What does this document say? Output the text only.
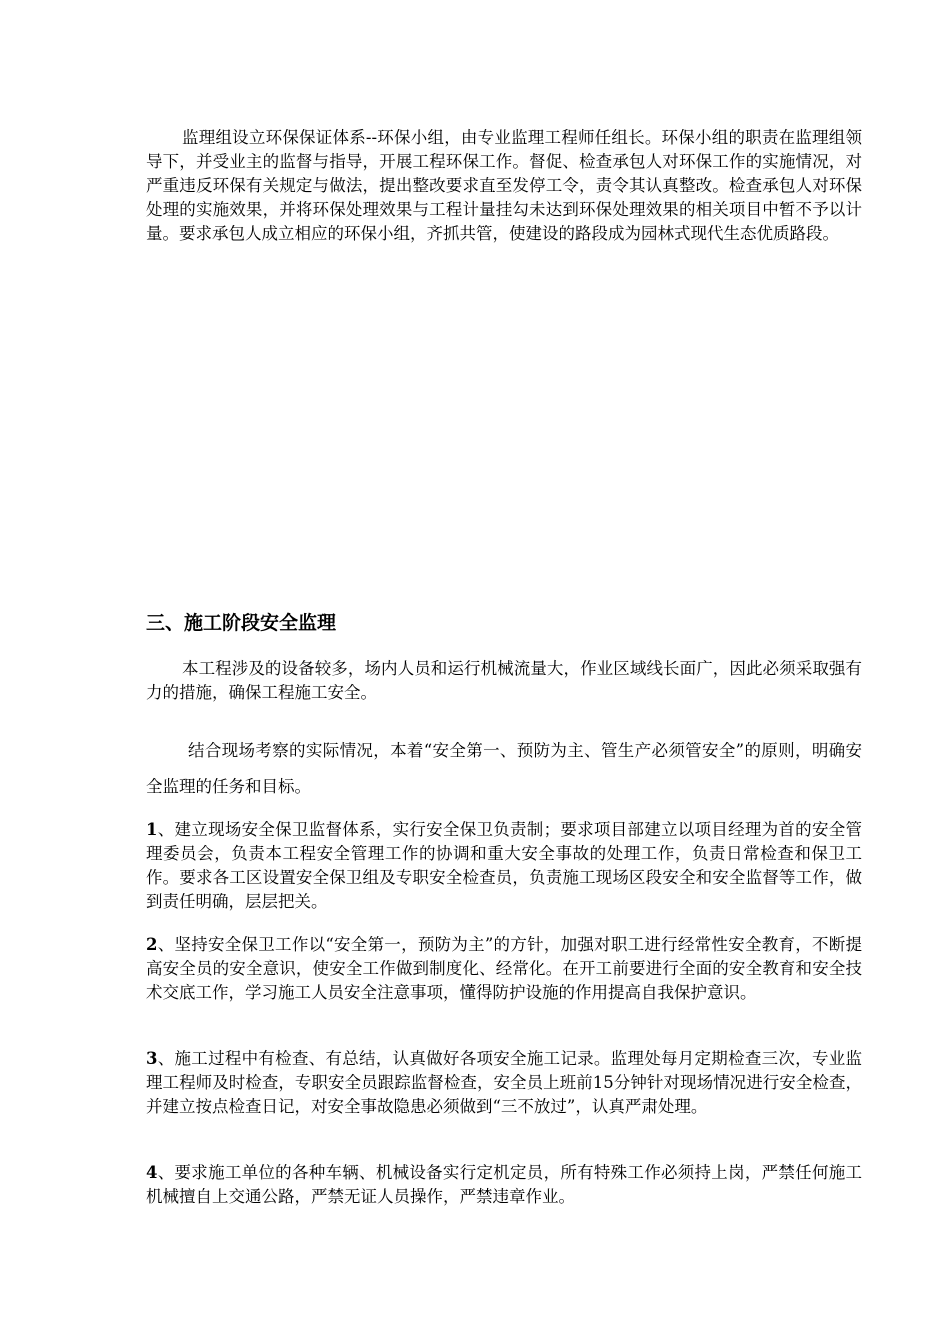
监理组设立环保保证体系--环保小组，由专业监理工程师任组长。环保小组的职责在监理组领导下，并受业主的监督与指导，开展工程环保工作。督促、检查承包人对环保工作的实施情况，对严重违反环保有关规定与做法，提出整改要求直至发停工令，责令其认真整改。检查承包人对环保处理的实施效果，并将环保处理效果与工程计量挂勾未达到环保处理效果的相关项目中暂不予以计量。要求承包人成立相应的环保小组，齐抓共管，使建设的路段成为园林式现代生态优质路段。

三、施工阶段安全监理

本工程涉及的设备较多，场内人员和运行机械流量大，作业区域线长面广，因此必须采取强有力的措施，确保工程施工安全。

结合现场考察的实际情况，本着“安全第一、预防为主、管生产必须管安全”的原则，明确安全监理的任务和目标。

1、建立现场安全保卫监督体系，实行安全保卫负责制；要求项目部建立以项目经理为首的安全管理委员会，负责本工程安全管理工作的协调和重大安全事故的处理工作，负责日常检查和保卫工作。要求各工区设置安全保卫组及专职安全检查员，负责施工现场区段安全和安全监督等工作，做到责任明确，层层把关。

2、坚持安全保卫工作以“安全第一，预防为主”的方针，加强对职工进行经常性安全教育，不断提高安全员的安全意识，使安全工作做到制度化、经常化。在开工前要进行全面的安全教育和安全技术交底工作，学习施工人员安全注意事项，懂得防护设施的作用提高自我保护意识。

3、施工过程中有检查、有总结，认真做好各项安全施工记录。监理处每月定期检查三次，专业监理工程师及时检查，专职安全员跟踪监督检查，安全员上班前15分钟针对现场情况进行安全检查，并建立按点检查日记，对安全事故隐患必须做到“三不放过”，认真严肃处理。

4、要求施工单位的各种车辆、机械设备实行定机定员，所有特殊工作必须持上岗，严禁任何施工机械擅自上交通公路，严禁无证人员操作，严禁违章作业。
